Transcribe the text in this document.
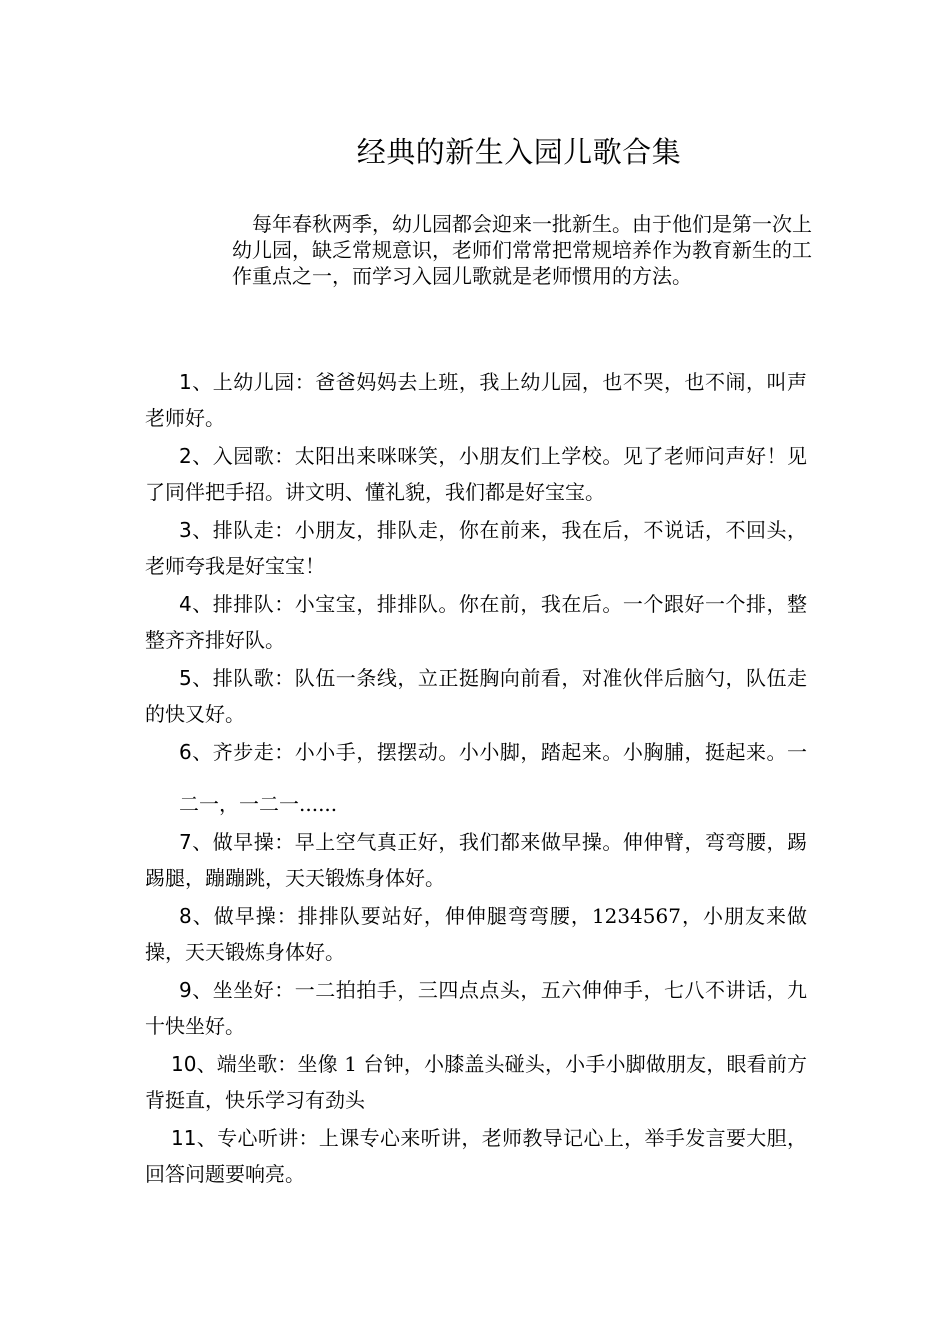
经典的新生入园儿歌合集

每年春秋两季，幼儿园都会迎来一批新生。由于他们是第一次上幼儿园，缺乏常规意识，老师们常常把常规培养作为教育新生的工作重点之一，而学习入园儿歌就是老师惯用的方法。

1、上幼儿园：爸爸妈妈去上班，我上幼儿园，也不哭，也不闹，叫声老师好。
2、入园歌：太阳出来咪咪笑，小朋友们上学校。见了老师问声好！见了同伴把手招。讲文明、懂礼貌，我们都是好宝宝。
3、排队走：小朋友，排队走，你在前来，我在后，不说话，不回头，老师夸我是好宝宝！
4、排排队：小宝宝，排排队。你在前，我在后。一个跟好一个排，整整齐齐排好队。
5、排队歌：队伍一条线，立正挺胸向前看，对准伙伴后脑勺，队伍走的快又好。
6、齐步走：小小手，摆摆动。小小脚，踏起来。小胸脯，挺起来。一二一，一二一......
7、做早操：早上空气真正好，我们都来做早操。伸伸臂，弯弯腰，踢踢腿，蹦蹦跳，天天锻炼身体好。
8、做早操：排排队要站好，伸伸腿弯弯腰，1234567，小朋友来做操，天天锻炼身体好。
9、坐坐好：一二拍拍手，三四点点头，五六伸伸手，七八不讲话，九十快坐好。
10、端坐歌：坐像 1 台钟，小膝盖头碰头，小手小脚做朋友，眼看前方背挺直，快乐学习有劲头
11、专心听讲：上课专心来听讲，老师教导记心上，举手发言要大胆，回答问题要响亮。
